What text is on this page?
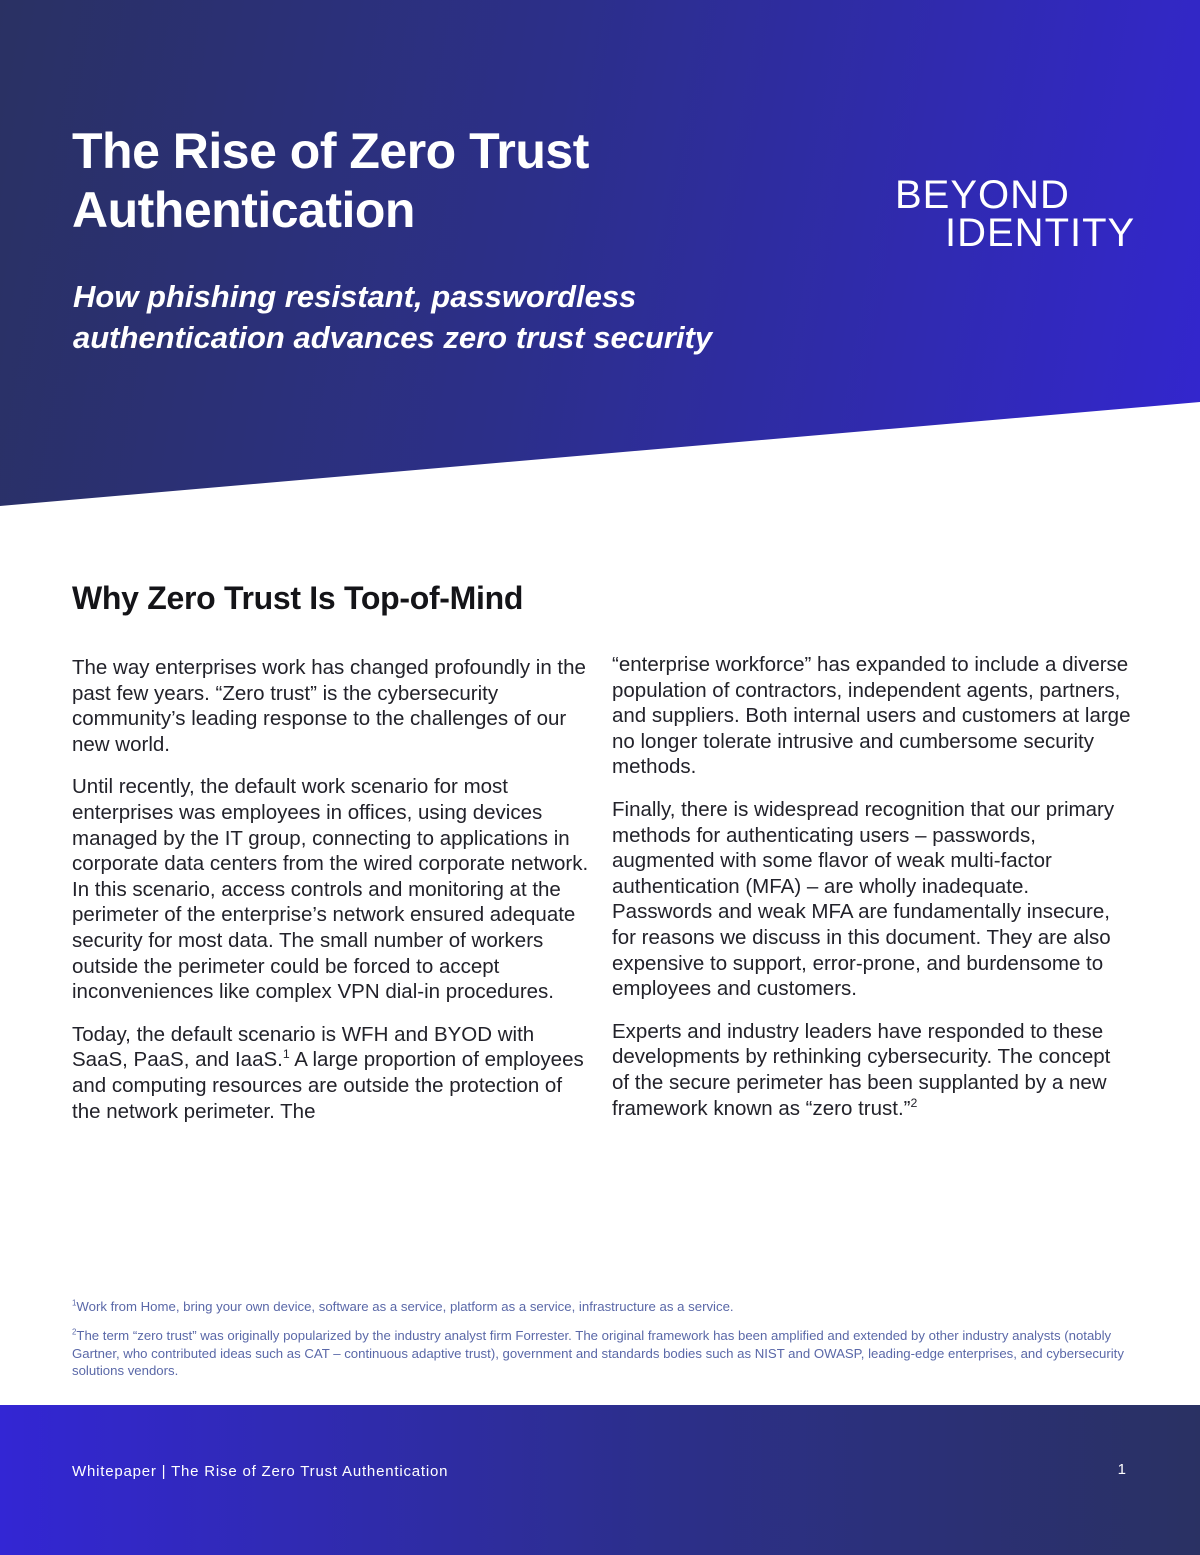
The Rise of Zero Trust Authentication

How phishing resistant, passwordless authentication advances zero trust security

BEYOND
IDENTITY
Why Zero Trust Is Top-of-Mind

The way enterprises work has changed profoundly in the past few years. “Zero trust” is the cybersecurity community’s leading response to the challenges of our new world.

Until recently, the default work scenario for most enterprises was employees in offices, using devices managed by the IT group, connecting to applications in corporate data centers from the wired corporate network. In this scenario, access controls and monitoring at the perimeter of the enterprise’s network ensured adequate security for most data. The small number of workers outside the perimeter could be forced to accept inconveniences like complex VPN dial-in procedures.

Today, the default scenario is WFH and BYOD with SaaS, PaaS, and IaaS.$^1$ A large proportion of employees and computing resources are outside the protection of the network perimeter. The

“enterprise workforce” has expanded to include a diverse population of contractors, independent agents, partners, and suppliers. Both internal users and customers at large no longer tolerate intrusive and cumbersome security methods.

Finally, there is widespread recognition that our primary methods for authenticating users – passwords, augmented with some flavor of weak multi-factor authentication (MFA) – are wholly inadequate. Passwords and weak MFA are fundamentally insecure, for reasons we discuss in this document. They are also expensive to support, error-prone, and burdensome to employees and customers.

Experts and industry leaders have responded to these developments by rethinking cybersecurity. The concept of the secure perimeter has been supplanted by a new framework known as “zero trust.”$^2$

$^1$Work from Home, bring your own device, software as a service, platform as a service, infrastructure as a service.

$^2$The term “zero trust” was originally popularized by the industry analyst firm Forrester. The original framework has been amplified and extended by other industry analysts (notably Gartner, who contributed ideas such as CAT – continuous adaptive trust), government and standards bodies such as NIST and OWASP, leading-edge enterprises, and cybersecurity solutions vendors.

Whitepaper | The Rise of Zero Trust Authentication	1
